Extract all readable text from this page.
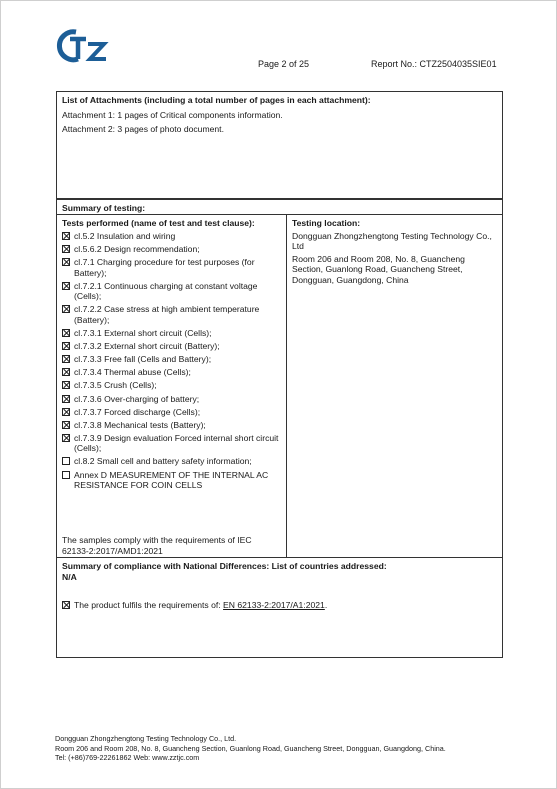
Page 2 of 25	Report No.: CTZ2504035SIE01

List of Attachments (including a total number of pages in each attachment):

Attachment 1: 1 pages of Critical components information.

Attachment 2: 3 pages of photo document.

Summary of testing:
Tests performed (name of test and test clause):
cl.5.2 Insulation and wiring
cl.5.6.2 Design recommendation;
cl.7.1 Charging procedure for test purposes (for Battery);
cl.7.2.1 Continuous charging at constant voltage (Cells);
cl.7.2.2 Case stress at high ambient temperature (Battery);
cl.7.3.1 External short circuit (Cells);
cl.7.3.2 External short circuit (Battery);
cl.7.3.3 Free fall (Cells and Battery);
cl.7.3.4 Thermal abuse (Cells);
cl.7.3.5 Crush (Cells);
cl.7.3.6 Over-charging of battery;
cl.7.3.7 Forced discharge (Cells);
cl.7.3.8 Mechanical tests (Battery);
cl.7.3.9 Design evaluation Forced internal short circuit (Cells);
cl.8.2 Small cell and battery safety information;
Annex D MEASUREMENT OF THE INTERNAL AC RESISTANCE FOR COIN CELLS
The samples comply with the requirements of IEC 62133-2:2017/AMD1:2021
Testing location:

Dongguan Zhongzhengtong Testing Technology Co., Ltd

Room 206 and Room 208, No. 8, Guancheng Section, Guanlong Road, Guancheng Street, Dongguan, Guangdong, China

Summary of compliance with National Differences: List of countries addressed:

N/A

The product fulfils the requirements of: EN 62133-2:2017/A1:2021.

Dongguan Zhongzhengtong Testing Technology Co., Ltd.

Room 206 and Room 208, No. 8, Guancheng Section, Guanlong Road, Guancheng Street, Dongguan, Guangdong, China.

Tel: (+86)769-22261862 Web: www.zztjc.com
